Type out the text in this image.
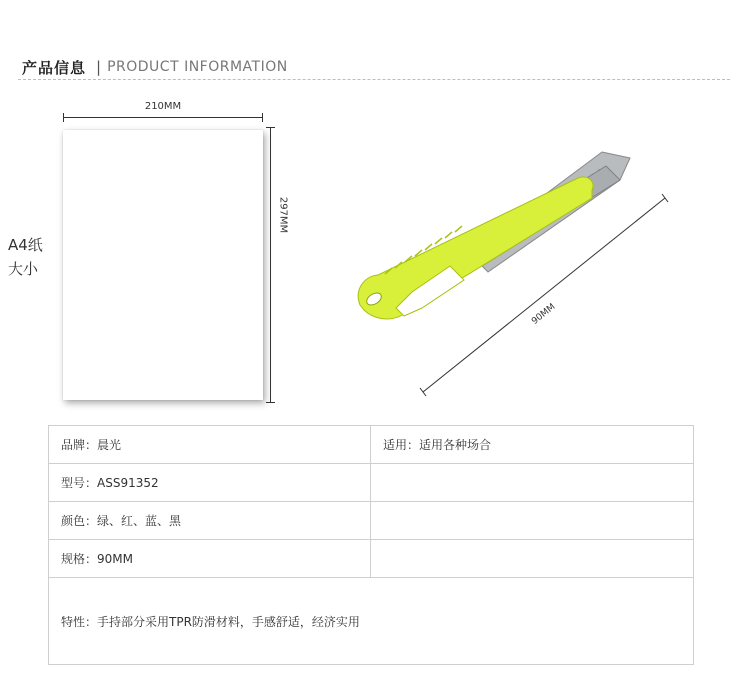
产品信息 | PRODUCT INFORMATION
A4纸
大小
210MM
297MM
90MM
品牌：晨光	适用：适用各种场合
型号：ASS91352	
颜色：绿、红、蓝、黑	
规格：90MM	
特性：手持部分采用TPR防滑材料，手感舒适，经济实用	
